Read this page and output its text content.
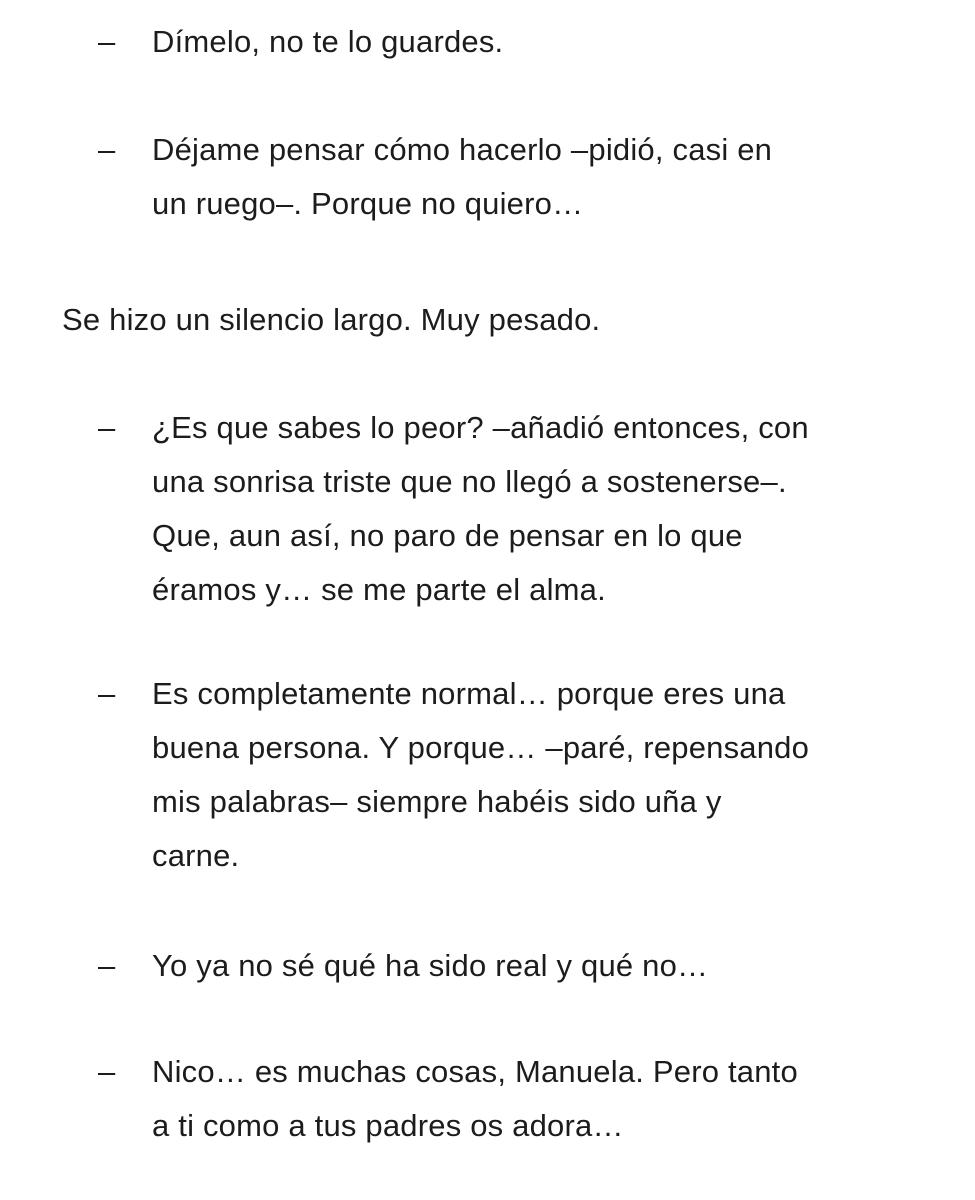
–	Dímelo, no te lo guardes.
–	Déjame pensar cómo hacerlo –pidió, casi en
un ruego–. Porque no quiero…
Se hizo un silencio largo. Muy pesado.
–	¿Es que sabes lo peor? –añadió entonces, con
una sonrisa triste que no llegó a sostenerse–.
Que, aun así, no paro de pensar en lo que
éramos y… se me parte el alma.
–	Es completamente normal… porque eres una
buena persona. Y porque… –paré, repensando
mis palabras– siempre habéis sido uña y
carne.
–	Yo ya no sé qué ha sido real y qué no…
–	Nico… es muchas cosas, Manuela. Pero tanto
a ti como a tus padres os adora…
